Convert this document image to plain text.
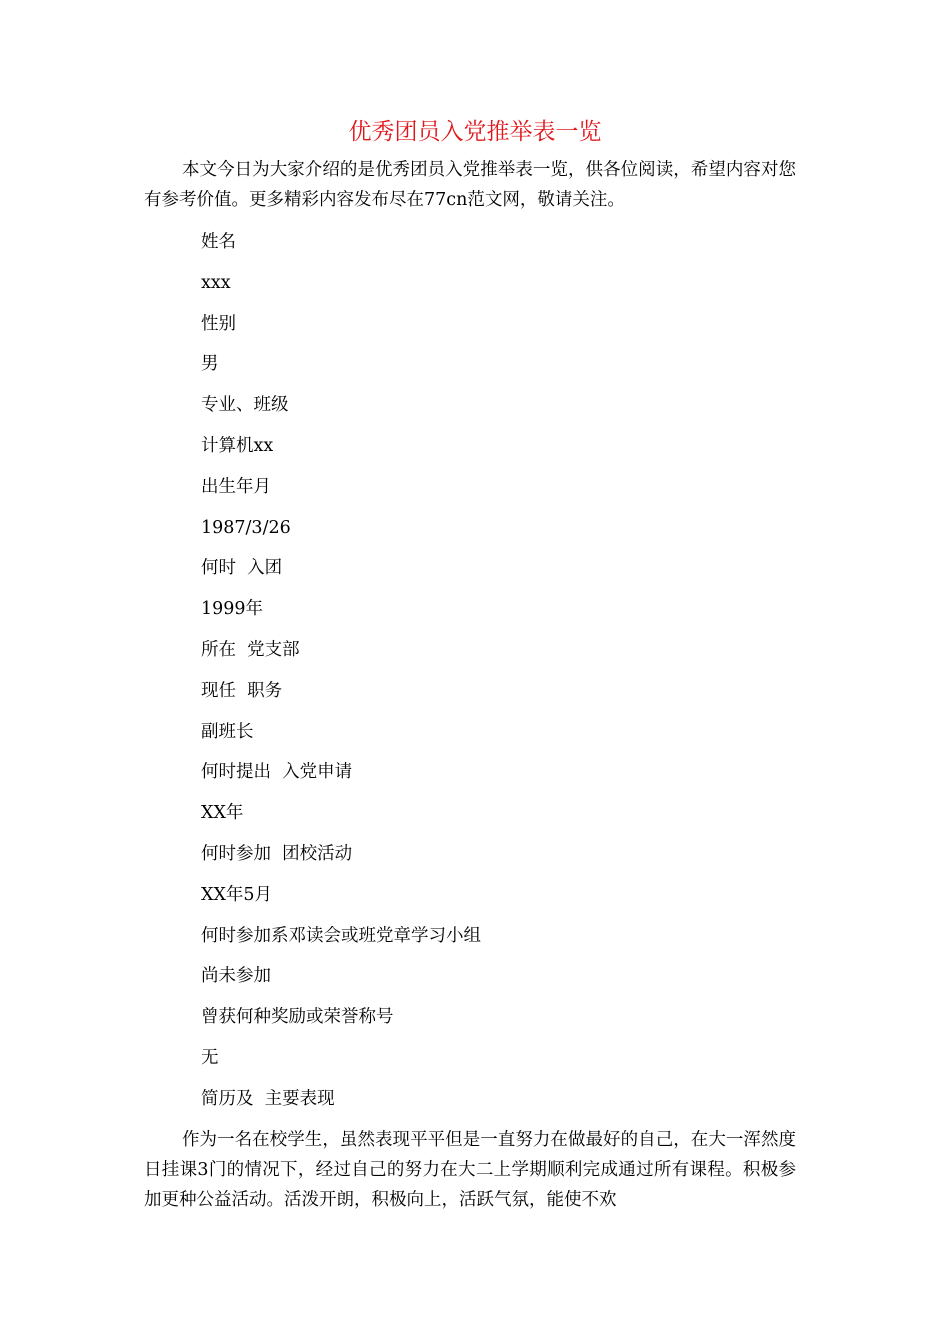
优秀团员入党推举表一览

本文今日为大家介绍的是优秀团员入党推举表一览，供各位阅读，希望内容对您有参考价值。更多精彩内容发布尽在77cn范文网，敬请关注。

姓名
xxx
性别
男
专业、班级
计算机xx
出生年月
1987/3/26
何时  入团
1999年
所在  党支部
现任  职务
副班长
何时提出  入党申请
XX年
何时参加  团校活动
XX年5月
何时参加系邓读会或班党章学习小组
尚未参加
曾获何种奖励或荣誉称号
无
简历及  主要表现

作为一名在校学生，虽然表现平平但是一直努力在做最好的自己，在大一浑然度日挂课3门的情况下，经过自己的努力在大二上学期顺利完成通过所有课程。积极参加更种公益活动。活泼开朗，积极向上，活跃气氛，能使不欢
